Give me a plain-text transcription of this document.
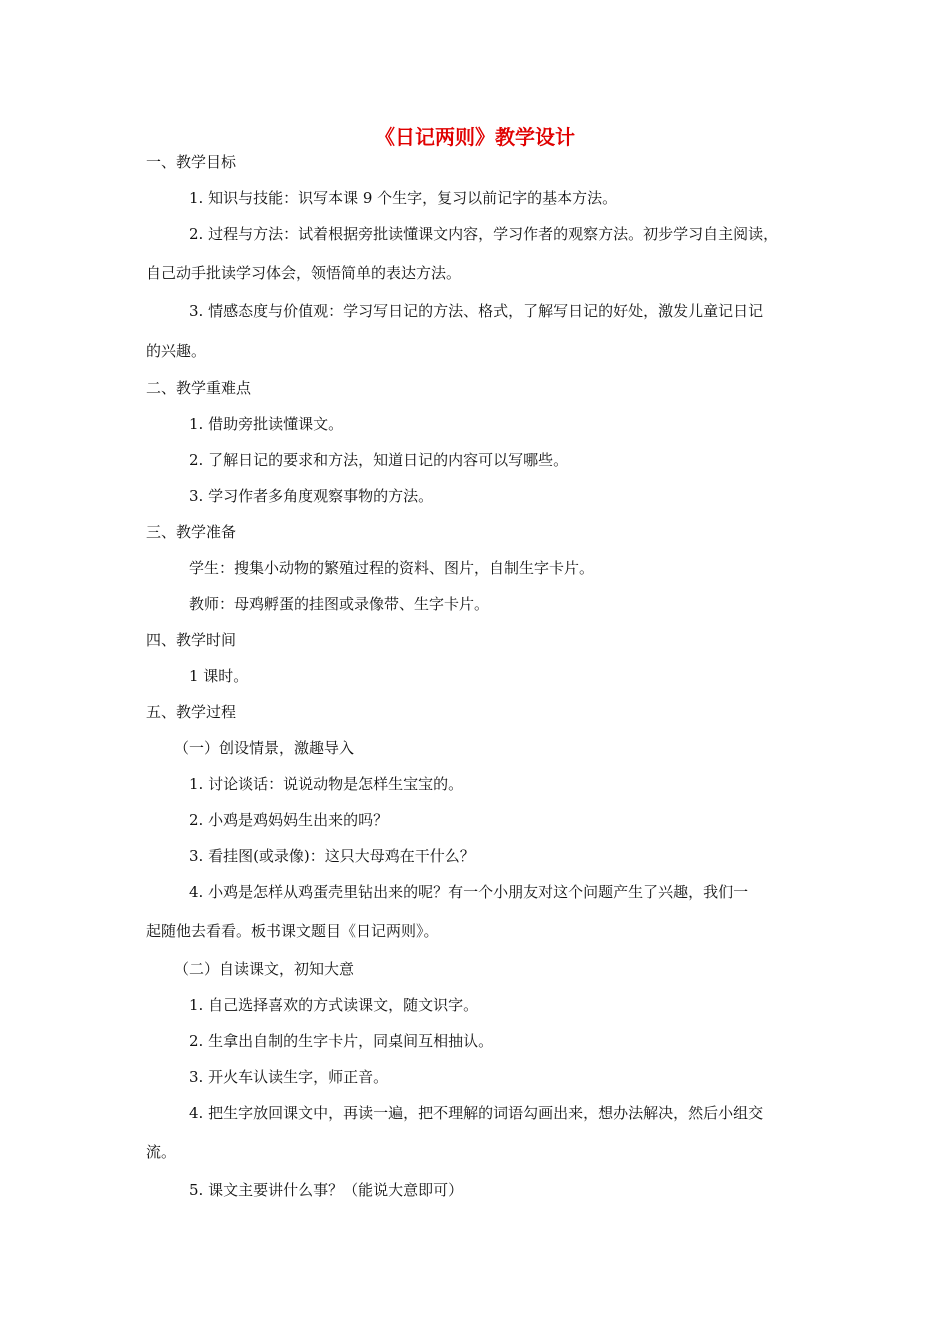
《日记两则》教学设计
一、教学目标
1. 知识与技能：识写本课 9 个生字，复习以前记字的基本方法。
2. 过程与方法：试着根据旁批读懂课文内容，学习作者的观察方法。初步学习自主阅读，
自己动手批读学习体会，领悟简单的表达方法。
3. 情感态度与价值观：学习写日记的方法、格式，了解写日记的好处，激发儿童记日记
的兴趣。
二、教学重难点
1. 借助旁批读懂课文。
2. 了解日记的要求和方法，知道日记的内容可以写哪些。
3. 学习作者多角度观察事物的方法。
三、教学准备
学生：搜集小动物的繁殖过程的资料、图片，自制生字卡片。
教师：母鸡孵蛋的挂图或录像带、生字卡片。
四、教学时间
1 课时。
五、教学过程
（一）创设情景，激趣导入
1. 讨论谈话：说说动物是怎样生宝宝的。
2. 小鸡是鸡妈妈生出来的吗？
3. 看挂图(或录像)：这只大母鸡在干什么？
4. 小鸡是怎样从鸡蛋壳里钻出来的呢？有一个小朋友对这个问题产生了兴趣，我们一
起随他去看看。板书课文题目《日记两则》。
（二）自读课文，初知大意
1. 自己选择喜欢的方式读课文，随文识字。
2. 生拿出自制的生字卡片，同桌间互相抽认。
3. 开火车认读生字，师正音。
4. 把生字放回课文中，再读一遍，把不理解的词语勾画出来，想办法解决，然后小组交
流。
5. 课文主要讲什么事？（能说大意即可）
